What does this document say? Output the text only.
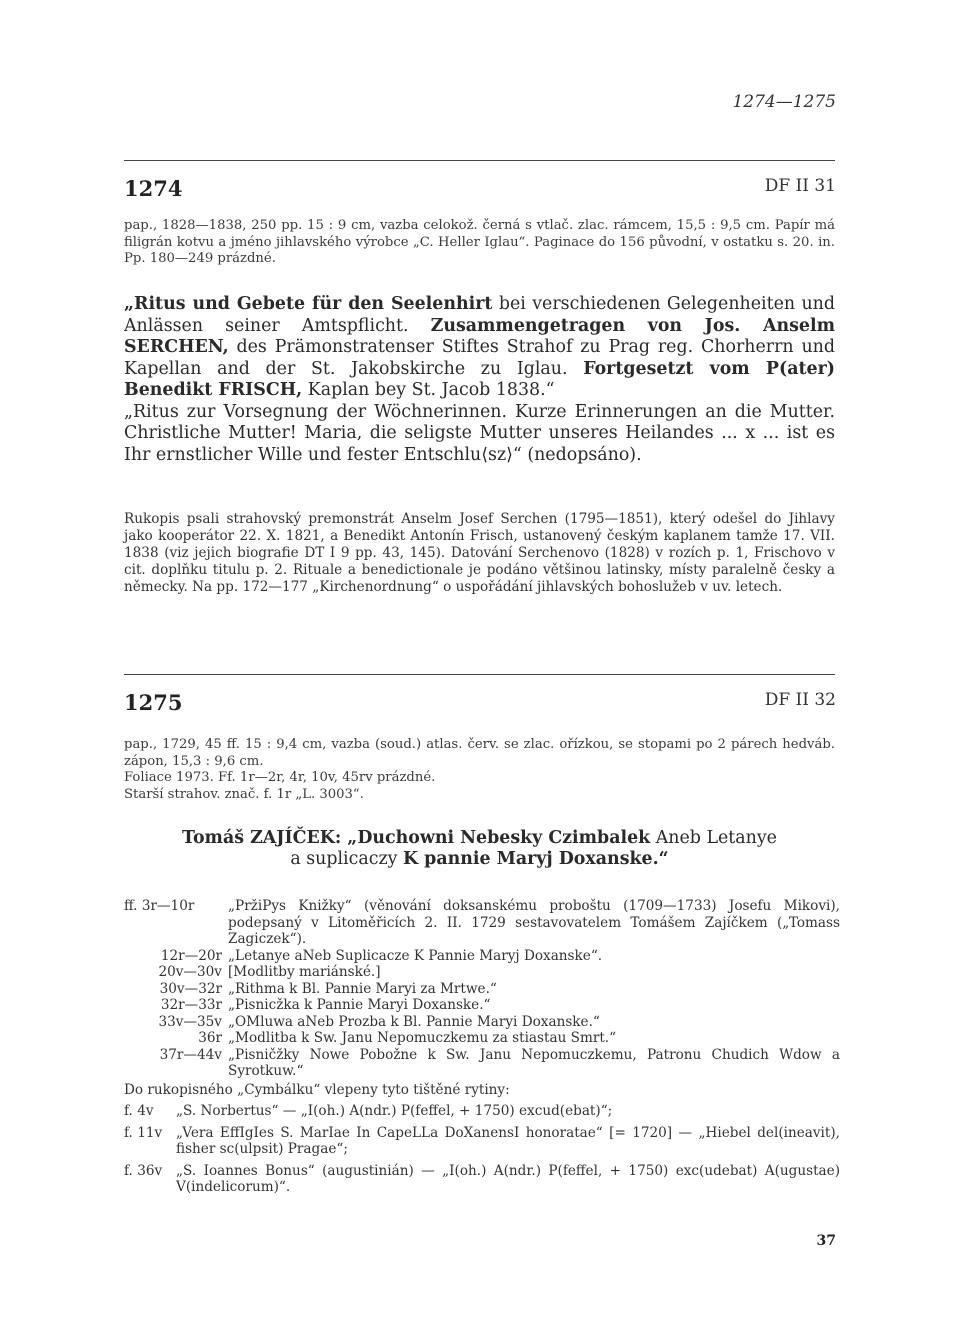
1274—1275
1274	DF II 31
pap., 1828—1838, 250 pp. 15 : 9 cm, vazba celokož. černá s vtlač. zlac. rámcem, 15,5 : 9,5 cm. Papír má filigrán kotvu a jméno jihlavského výrobce „C. Heller Iglau“. Paginace do 156 původní, v ostatku s. 20. in. Pp. 180—249 prázdné.

„Ritus und Gebete für den Seelenhirt bei verschiedenen Gelegenheiten und Anlässen seiner Amtspflicht. Zusammengetragen von Jos. Anselm SERCHEN, des Prämonstratenser Stiftes Strahof zu Prag reg. Chorherrn und Kapellan and der St. Jakobskirche zu Iglau. Fortgesetzt vom P(ater) Benedikt FRISCH, Kaplan bey St. Jacob 1838.“

„Ritus zur Vorsegnung der Wöchnerinnen. Kurze Erinnerungen an die Mutter. Christliche Mutter! Maria, die seligste Mutter unseres Heilandes ... x ... ist es Ihr ernstlicher Wille und fester Entschlu⟨sz⟩“ (nedopsáno).

Rukopis psali strahovský premonstrát Anselm Josef Serchen (1795—1851), který odešel do Jihlavy jako kooperátor 22. X. 1821, a Benedikt Antonín Frisch, ustanovený českým kaplanem tamže 17. VII. 1838 (viz jejich biografie DT I 9 pp. 43, 145). Datování Serchenovo (1828) v rozích p. 1, Frischovo v cit. doplňku titulu p. 2. Rituale a benedictionale je podáno většinou latinsky, místy paralelně česky a německy. Na pp. 172—177 „Kirchenordnung“ o uspořádání jihlavských bohoslužeb v uv. letech.
1275	DF II 32
pap., 1729, 45 ff. 15 : 9,4 cm, vazba (soud.) atlas. červ. se zlac. ořízkou, se stopami po 2 párech hedváb. zápon, 15,3 : 9,6 cm.
Foliace 1973. Ff. 1r—2r, 4r, 10v, 45rv prázdné.
Starší strahov. znač. f. 1r „L. 3003“.
Tomáš ZAJÍČEK: „Duchowni Nebesky Czimbalek Aneb Letanye
a suplicaczy K pannie Maryj Doxanske.“
ff. 3r—10r	„PržiPys Knižky“ (věnování doksanskému proboštu (1709—1733) Josefu Mikovi), podepsaný v Litoměřicích 2. II. 1729 sestavovatelem Tomášem Zajíčkem („Tomass Zagiczek“).
12r—20r „Letanye aNeb Suplicacze K Pannie Maryj Doxanske“.
20v—30v [Modlitby mariánské.]
30v—32r „Rithma k Bl. Pannie Maryi za Mrtwe.“
32r—33r „Pisnicžka k Pannie Maryi Doxanske.“
33v—35v „OMluwa aNeb Prozba k Bl. Pannie Maryi Doxanske.“
36r „Modlitba k Sw. Janu Nepomuczkemu za stiastau Smrt.“
37r—44v „Pisničžky Nowe Pobožne k Sw. Janu Nepomuczkemu, Patronu Chudich Wdow a Syrotkuw.“
Do rukopisného „Cymbálku“ vlepeny tyto tištěné rytiny:
f. 4v	„S. Norbertus“ — „I(oh.) A(ndr.) P(feffel, + 1750) excud(ebat)“;
f. 11v	„Vera EffIgIes S. MarIae In CapeLLa DoXanensI honoratae“ [= 1720] — „Hiebel del(ineavit), fisher sc(ulpsit) Pragae“;
f. 36v	„S. Ioannes Bonus“ (augustinián) — „I(oh.) A(ndr.) P(feffel, + 1750) exc(udebat) A(ugustae) V(indelicorum)“.
37
